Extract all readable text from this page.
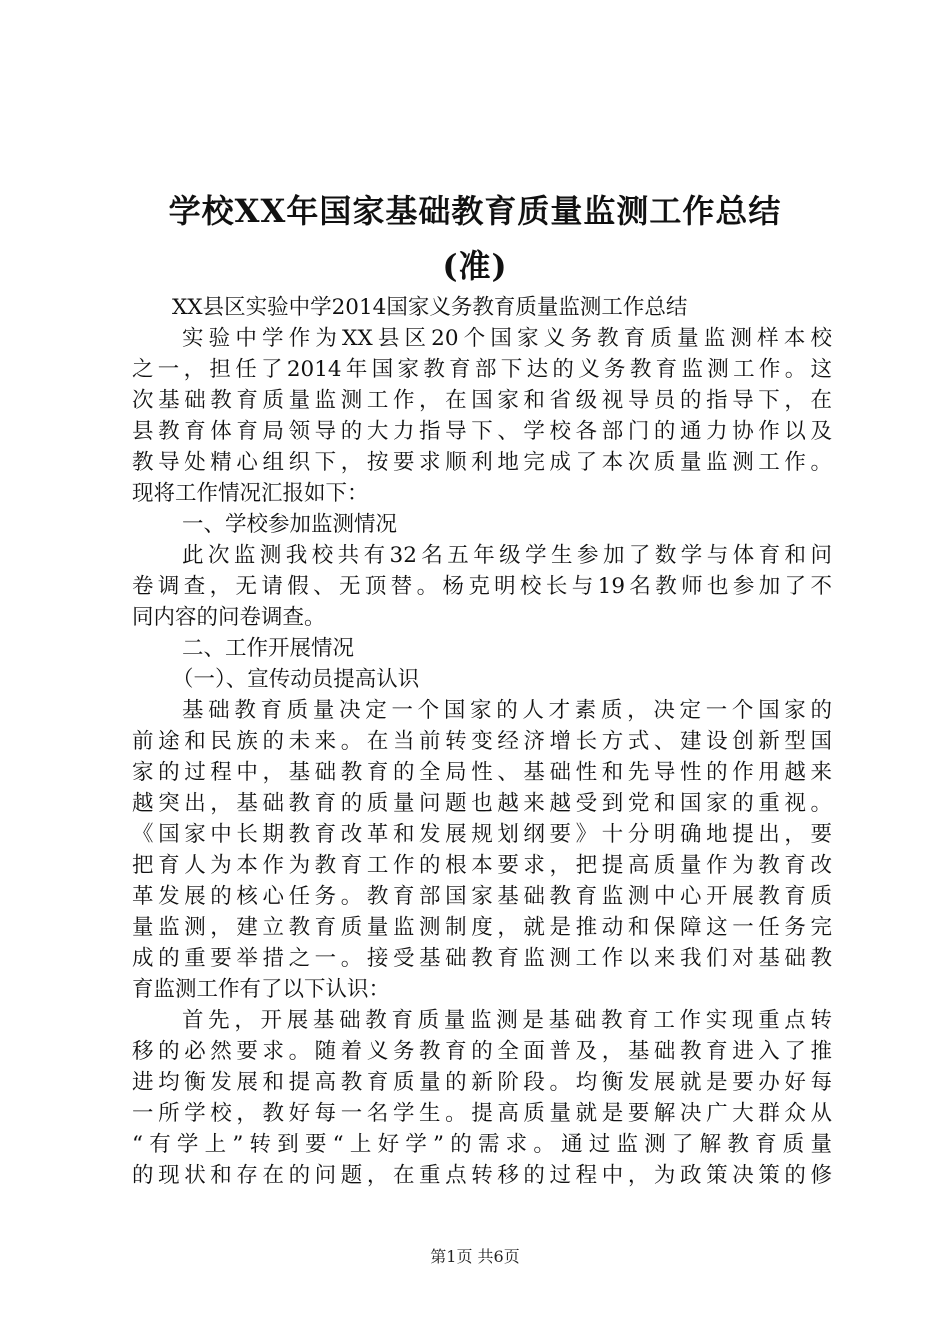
学校XX年国家基础教育质量监测工作总结
(准)
XX县区实验中学2014国家义务教育质量监测工作总结
实验中学作为XX县区20个国家义务教育质量监测样本校
之一，担任了2014年国家教育部下达的义务教育监测工作。这
次基础教育质量监测工作，在国家和省级视导员的指导下，在
县教育体育局领导的大力指导下、学校各部门的通力协作以及
教导处精心组织下，按要求顺利地完成了本次质量监测工作。
现将工作情况汇报如下：
一、学校参加监测情况
此次监测我校共有32名五年级学生参加了数学与体育和问
卷调查，无请假、无顶替。杨克明校长与19名教师也参加了不
同内容的问卷调查。
二、工作开展情况
（一）、宣传动员提高认识
基础教育质量决定一个国家的人才素质，决定一个国家的
前途和民族的未来。在当前转变经济增长方式、建设创新型国
家的过程中，基础教育的全局性、基础性和先导性的作用越来
越突出，基础教育的质量问题也越来越受到党和国家的重视。
《国家中长期教育改革和发展规划纲要》十分明确地提出，要
把育人为本作为教育工作的根本要求，把提高质量作为教育改
革发展的核心任务。教育部国家基础教育监测中心开展教育质
量监测，建立教育质量监测制度，就是推动和保障这一任务完
成的重要举措之一。接受基础教育监测工作以来我们对基础教
育监测工作有了以下认识：
首先，开展基础教育质量监测是基础教育工作实现重点转
移的必然要求。随着义务教育的全面普及，基础教育进入了推
进均衡发展和提高教育质量的新阶段。均衡发展就是要办好每
一所学校，教好每一名学生。提高质量就是要解决广大群众从
“有学上”转到要“上好学”的需求。通过监测了解教育质量
的现状和存在的问题，在重点转移的过程中，为政策决策的修
第1页 共6页
